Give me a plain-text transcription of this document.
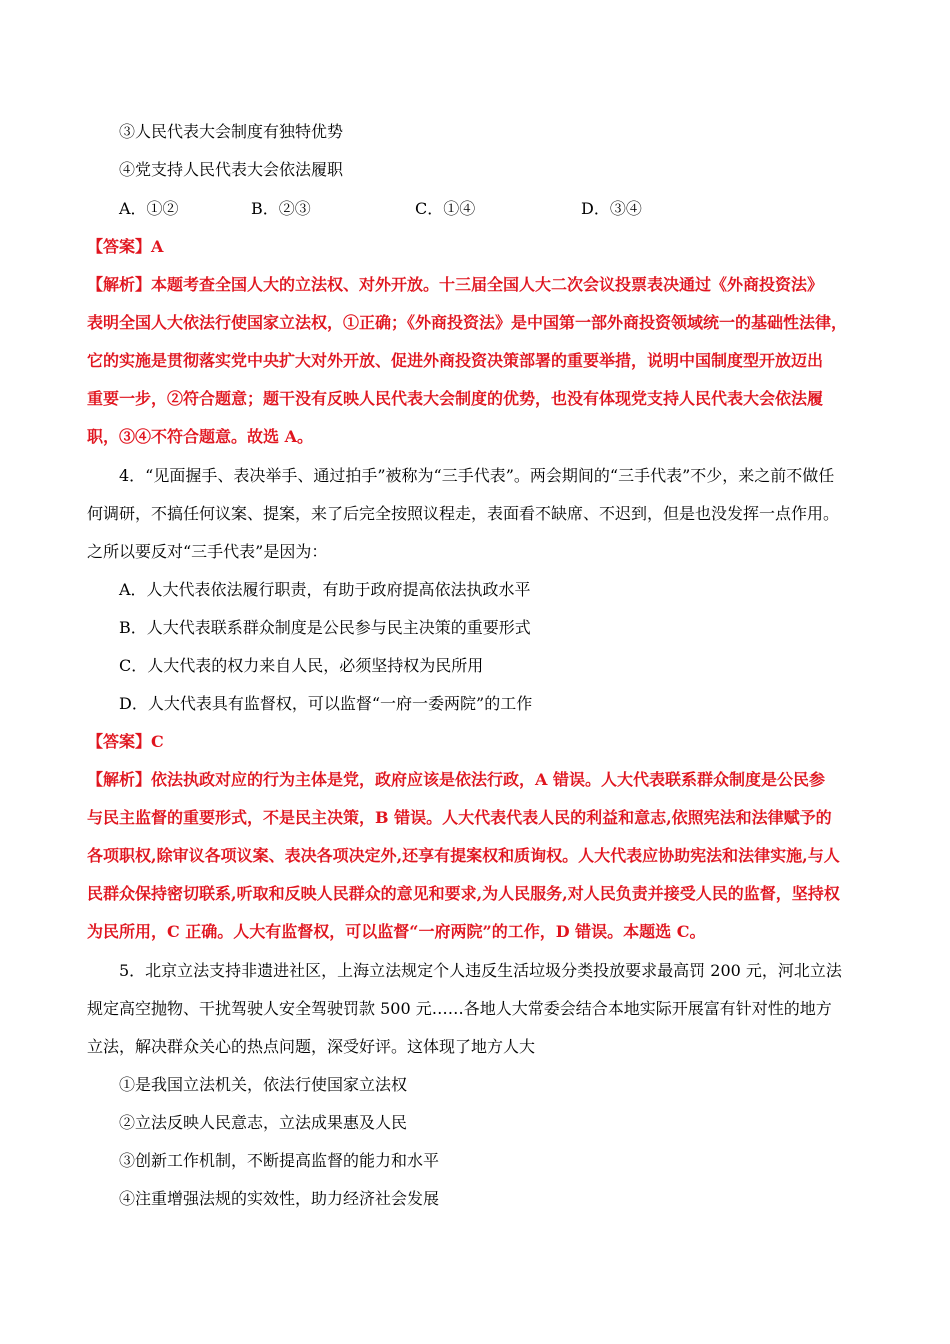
③人民代表大会制度有独特优势
④党支持人民代表大会依法履职
A．①②	B．②③	C．①④	D．③④
【答案】A
【解析】本题考查全国人大的立法权、对外开放。十三届全国人大二次会议投票表决通过《外商投资法》
表明全国人大依法行使国家立法权，①正确；《外商投资法》是中国第一部外商投资领域统一的基础性法律，
它的实施是贯彻落实党中央扩大对外开放、促进外商投资决策部署的重要举措，说明中国制度型开放迈出
重要一步，②符合题意；题干没有反映人民代表大会制度的优势，也没有体现党支持人民代表大会依法履
职，③④不符合题意。故选 A。
4．“见面握手、表决举手、通过拍手”被称为“三手代表”。两会期间的“三手代表”不少，来之前不做任
何调研，不搞任何议案、提案，来了后完全按照议程走，表面看不缺席、不迟到，但是也没发挥一点作用。
之所以要反对“三手代表”是因为：
A．人大代表依法履行职责，有助于政府提高依法执政水平
B．人大代表联系群众制度是公民参与民主决策的重要形式
C．人大代表的权力来自人民，必须坚持权为民所用
D．人大代表具有监督权，可以监督“一府一委两院”的工作
【答案】C
【解析】依法执政对应的行为主体是党，政府应该是依法行政，A 错误。人大代表联系群众制度是公民参
与民主监督的重要形式，不是民主决策，B 错误。人大代表代表人民的利益和意志,依照宪法和法律赋予的
各项职权,除审议各项议案、表决各项决定外,还享有提案权和质询权。人大代表应协助宪法和法律实施,与人
民群众保持密切联系,听取和反映人民群众的意见和要求,为人民服务,对人民负责并接受人民的监督，坚持权
为民所用，C 正确。人大有监督权，可以监督“一府两院”的工作，D 错误。本题选 C。
5．北京立法支持非遗进社区，上海立法规定个人违反生活垃圾分类投放要求最高罚 200 元，河北立法
规定高空抛物、干扰驾驶人安全驾驶罚款 500 元……各地人大常委会结合本地实际开展富有针对性的地方
立法，解决群众关心的热点问题，深受好评。这体现了地方人大
①是我国立法机关，依法行使国家立法权
②立法反映人民意志，立法成果惠及人民
③创新工作机制，不断提高监督的能力和水平
④注重增强法规的实效性，助力经济社会发展
